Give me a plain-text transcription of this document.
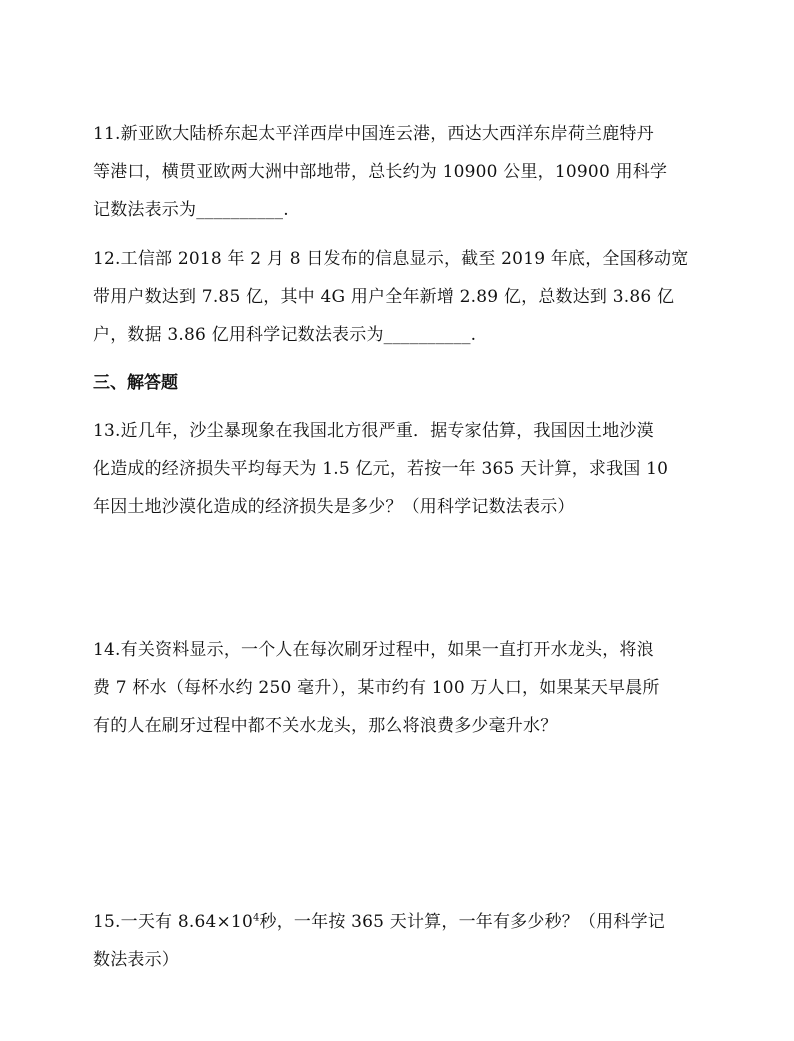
11.新亚欧大陆桥东起太平洋西岸中国连云港，西达大西洋东岸荷兰鹿特丹

等港口，横贯亚欧两大洲中部地带，总长约为 10900 公里，10900 用科学

记数法表示为__________.

12.工信部 2018 年 2 月 8 日发布的信息显示，截至 2019 年底，全国移动宽

带用户数达到 7.85 亿，其中 4G 用户全年新增 2.89 亿，总数达到 3.86 亿

户，数据 3.86 亿用科学记数法表示为__________.

三、解答题

13.近几年，沙尘暴现象在我国北方很严重．据专家估算，我国因土地沙漠

化造成的经济损失平均每天为 1.5 亿元，若按一年 365 天计算，求我国 10

年因土地沙漠化造成的经济损失是多少？（用科学记数法表示）

14.有关资料显示，一个人在每次刷牙过程中，如果一直打开水龙头，将浪

费 7 杯水（每杯水约 250 毫升），某市约有 100 万人口，如果某天早晨所

有的人在刷牙过程中都不关水龙头，那么将浪费多少毫升水？

15.一天有 $8.64\times 10^4$秒，一年按 365 天计算，一年有多少秒？（用科学记

数法表示）
